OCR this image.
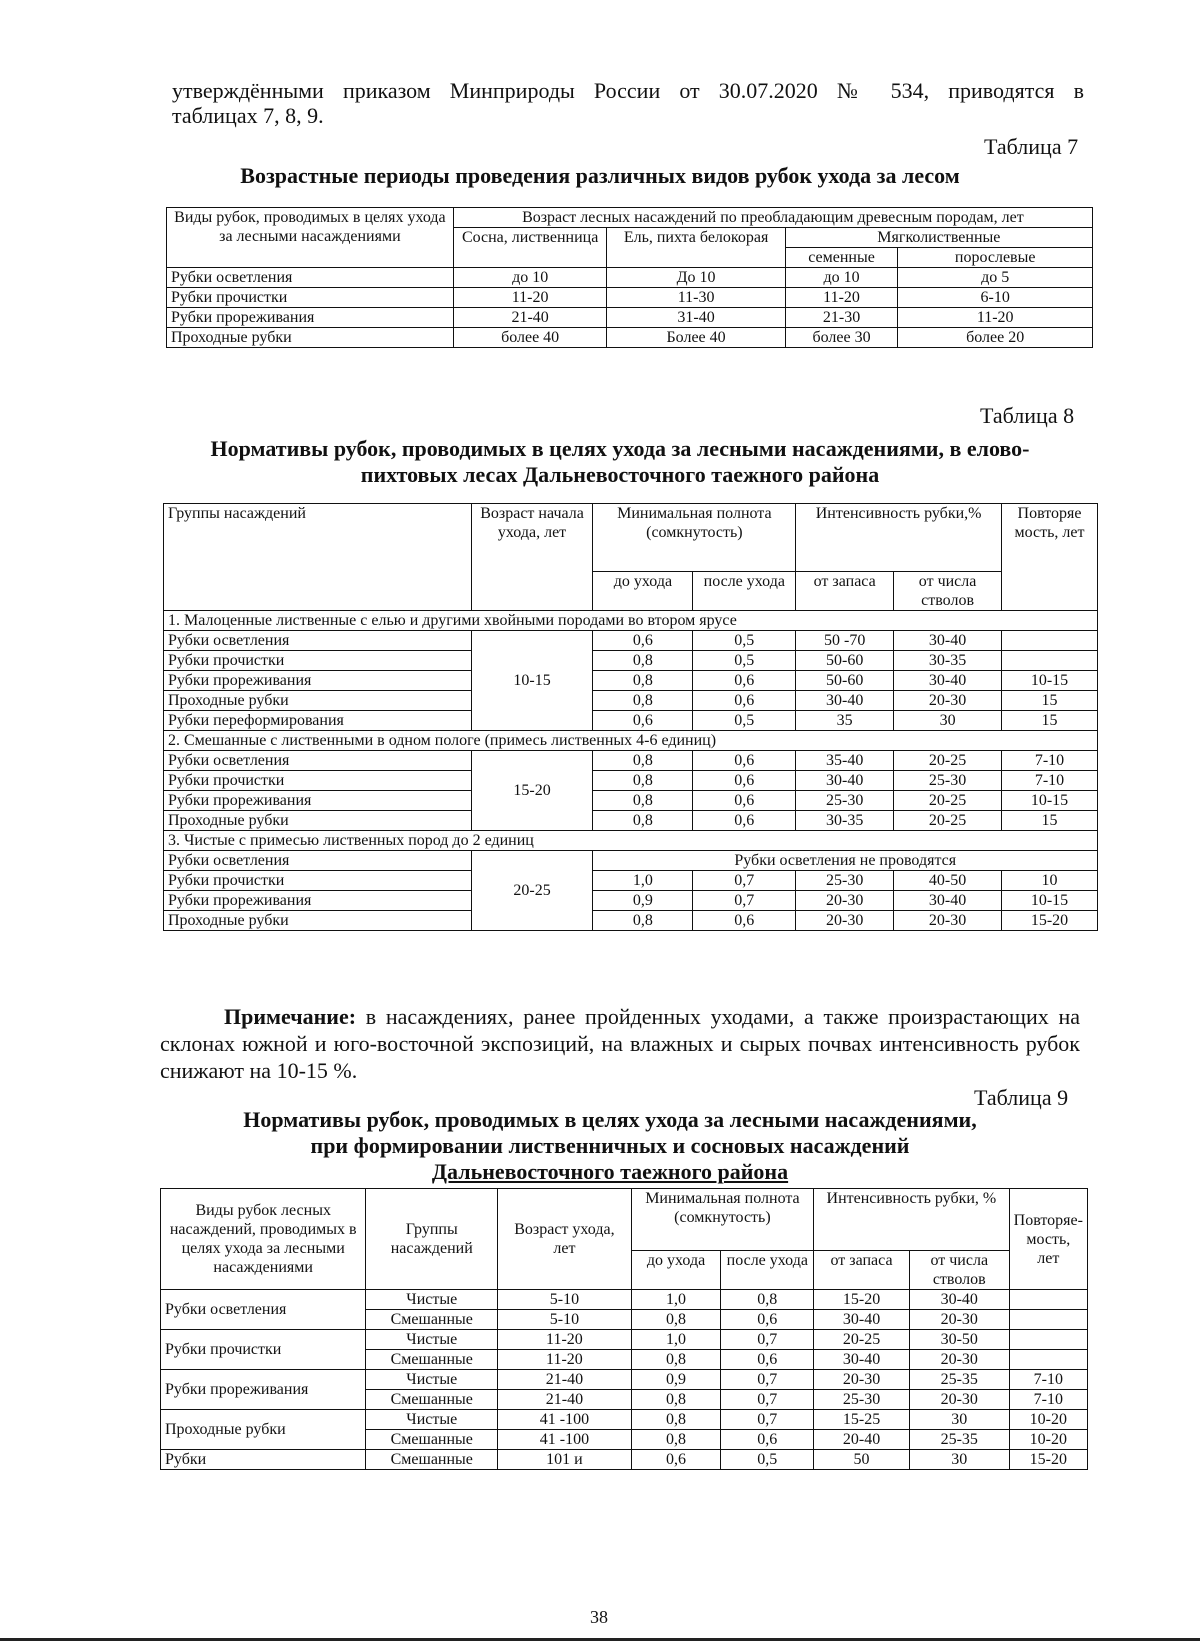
утверждёнными приказом Минприроды России от 30.07.2020 № 534, приводятся в
таблицах 7, 8, 9.
Таблица 7
Возрастные периоды проведения различных видов рубок ухода за лесом
Виды рубок, проводимых в целях ухода за лесными насаждениями	Возраст лесных насаждений по преобладающим древесным породам, лет			
	Сосна, лиственница	Ель, пихта белокорая	Мягколиственные	
			семенные	порослевые
Рубки осветления	до 10	До 10	до 10	до 5
Рубки прочистки	11-20	11-30	11-20	6-10
Рубки прореживания	21-40	31-40	21-30	11-20
Проходные рубки	более 40	Более 40	более 30	более 20
Таблица 8
Нормативы рубок, проводимых в целях ухода за лесными насаждениями, в елово-
пихтовых лесах Дальневосточного таежного района
Группы насаждений	Возраст начала ухода, лет	Минимальная полнота (сомкнутость)		Интенсивность рубки,%		Повторяе мость, лет
		до ухода	после ухода	от запаса	от числа стволов	
1. Малоценные лиственные с елью и другими хвойными породами во втором ярусе						
Рубки осветления	10-15	0,6	0,5	50 -70	30-40	
Рубки прочистки		0,8	0,5	50-60	30-35	
Рубки прореживания		0,8	0,6	50-60	30-40	10-15
Проходные рубки		0,8	0,6	30-40	20-30	15
Рубки переформирования		0,6	0,5	35	30	15
2. Смешанные с лиственными в одном пологе (примесь лиственных 4-6 единиц)						
Рубки осветления	15-20	0,8	0,6	35-40	20-25	7-10
Рубки прочистки		0,8	0,6	30-40	25-30	7-10
Рубки прореживания		0,8	0,6	25-30	20-25	10-15
Проходные рубки		0,8	0,6	30-35	20-25	15
3. Чистые с примесью лиственных пород до 2 единиц						
Рубки осветления	20-25	Рубки осветления не проводятся				
Рубки прочистки		1,0	0,7	25-30	40-50	10
Рубки прореживания		0,9	0,7	20-30	30-40	10-15
Проходные рубки		0,8	0,6	20-30	20-30	15-20
Примечание: в насаждениях, ранее пройденных уходами, а также произрастающих на склонах южной и юго-восточной экспозиций, на влажных и сырых почвах интенсивность рубок снижают на 10-15 %.
Таблица 9
Нормативы рубок, проводимых в целях ухода за лесными насаждениями,
при формировании лиственничных и сосновых насаждений
Дальневосточного таежного района
Виды рубок лесных насаждений, проводимых в целях ухода за лесными насаждениями	Группы насаждений	Возраст ухода, лет	Минимальная полнота (сомкнутость)		Интенсивность рубки, %		Повторяе-мость, лет
			до ухода	после ухода	от запаса	от числа стволов	
Рубки осветления	Чистые	5-10	1,0	0,8	15-20	30-40	
	Смешанные	5-10	0,8	0,6	30-40	20-30	
Рубки прочистки	Чистые	11-20	1,0	0,7	20-25	30-50	
	Смешанные	11-20	0,8	0,6	30-40	20-30	
Рубки прореживания	Чистые	21-40	0,9	0,7	20-30	25-35	7-10
	Смешанные	21-40	0,8	0,7	25-30	20-30	7-10
Проходные рубки	Чистые	41 -100	0,8	0,7	15-25	30	10-20
	Смешанные	41 -100	0,8	0,6	20-40	25-35	10-20
Рубки	Смешанные	101 и	0,6	0,5	50	30	15-20
38
